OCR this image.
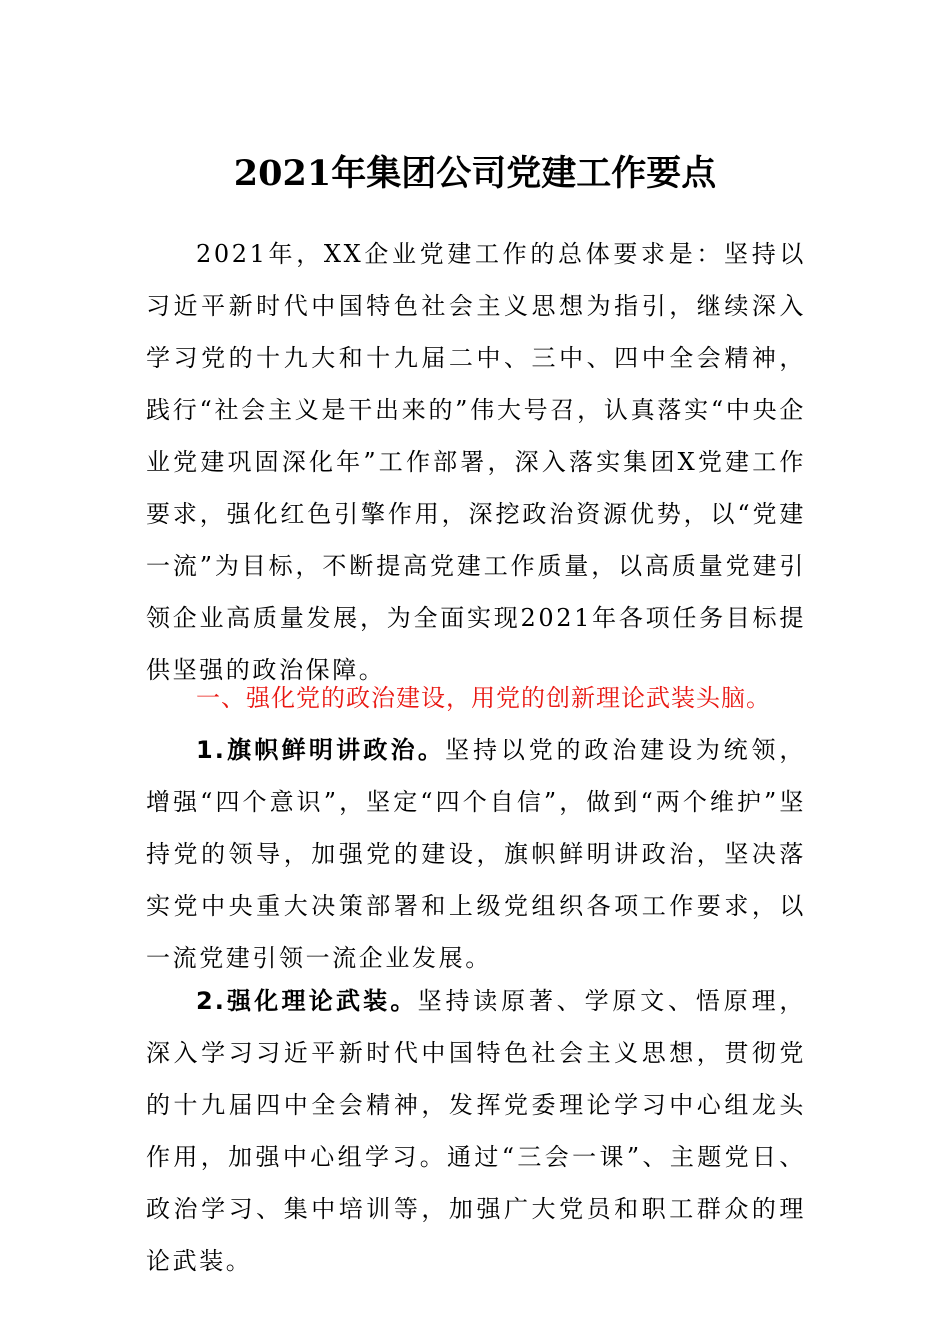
2021年集团公司党建工作要点

2021年，XX企业党建工作的总体要求是：坚持以习近平新时代中国特色社会主义思想为指引，继续深入学习党的十九大和十九届二中、三中、四中全会精神，践行“社会主义是干出来的”伟大号召，认真落实“中央企业党建巩固深化年”工作部署，深入落实集团X党建工作要求，强化红色引擎作用，深挖政治资源优势，以“党建一流”为目标，不断提高党建工作质量，以高质量党建引领企业高质量发展，为全面实现2021年各项任务目标提供坚强的政治保障。

一、强化党的政治建设，用党的创新理论武装头脑。

1.旗帜鲜明讲政治。坚持以党的政治建设为统领，增强“四个意识”，坚定“四个自信”，做到“两个维护”坚持党的领导，加强党的建设，旗帜鲜明讲政治，坚决落实党中央重大决策部署和上级党组织各项工作要求，以一流党建引领一流企业发展。

2.强化理论武装。坚持读原著、学原文、悟原理，深入学习习近平新时代中国特色社会主义思想，贯彻党的十九届四中全会精神，发挥党委理论学习中心组龙头作用，加强中心组学习。通过“三会一课”、主题党日、政治学习、集中培训等，加强广大党员和职工群众的理论武装。
